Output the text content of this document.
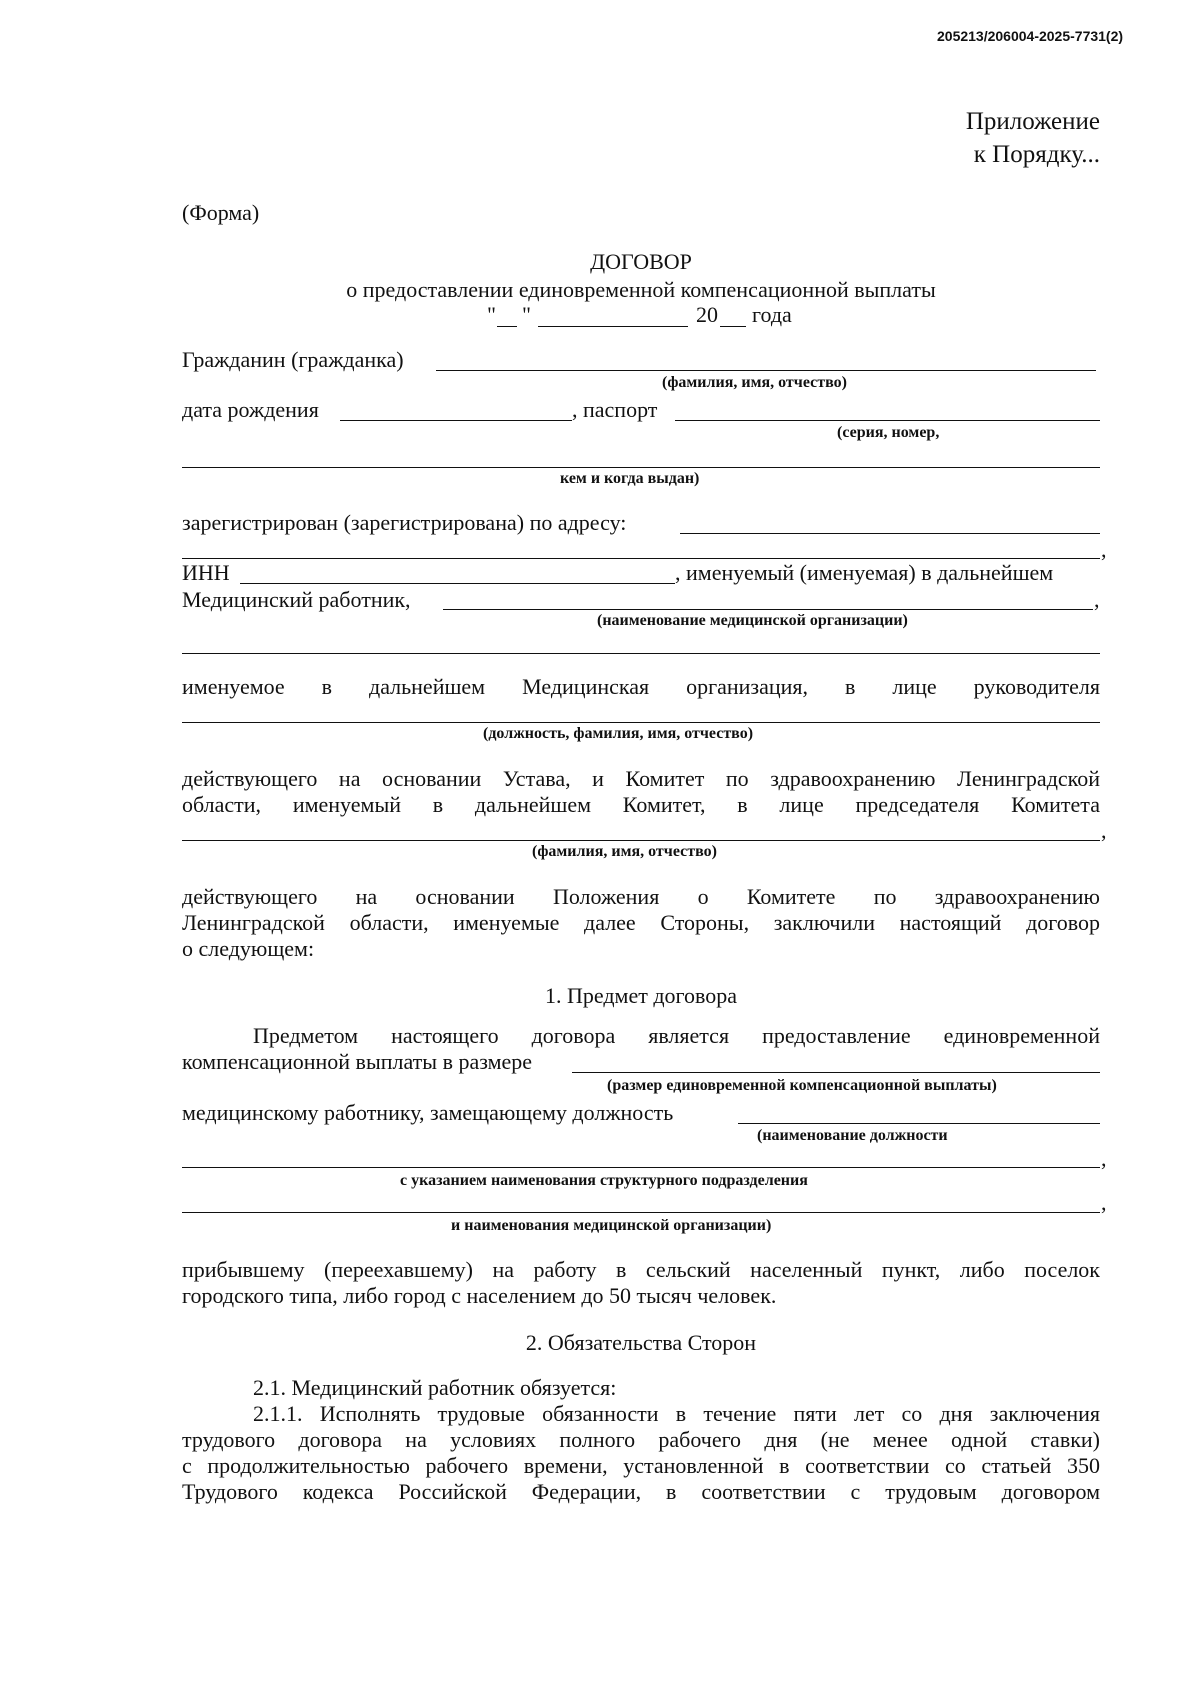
205213/206004-2025-7731(2)
Приложение
к Порядку...
(Форма)
ДОГОВОР
о предоставлении единовременной компенсационной выплаты
" "	20 года
Гражданин (гражданка)
(фамилия, имя, отчество)
дата рождения	, паспорт
(серия, номер,
кем и когда выдан)
зарегистрирован (зарегистрирована) по адресу:
,
ИНН	, именуемый (именуемая) в дальнейшем
Медицинский работник,	,
(наименование медицинской организации)
именуемое в дальнейшем Медицинская организация, в лице руководителя
(должность, фамилия, имя, отчество)
действующего на основании Устава, и Комитет по здравоохранению Ленинградской
области, именуемый в дальнейшем Комитет, в лице председателя Комитета
,
(фамилия, имя, отчество)
действующего на основании Положения о Комитете по здравоохранению
Ленинградской области, именуемые далее Стороны, заключили настоящий договор
о следующем:
1. Предмет договора
Предметом настоящего договора является предоставление единовременной
компенсационной выплаты в размере
(размер единовременной компенсационной выплаты)
медицинскому работнику, замещающему должность
(наименование должности
,
с указанием наименования структурного подразделения
,
и наименования медицинской организации)
прибывшему (переехавшему) на работу в сельский населенный пункт, либо поселок
городского типа, либо город с населением до 50 тысяч человек.
2. Обязательства Сторон
2.1. Медицинский работник обязуется:
2.1.1. Исполнять трудовые обязанности в течение пяти лет со дня заключения
трудового договора на условиях полного рабочего дня (не менее одной ставки)
с продолжительностью рабочего времени, установленной в соответствии со статьей 350
Трудового кодекса Российской Федерации, в соответствии с трудовым договором
